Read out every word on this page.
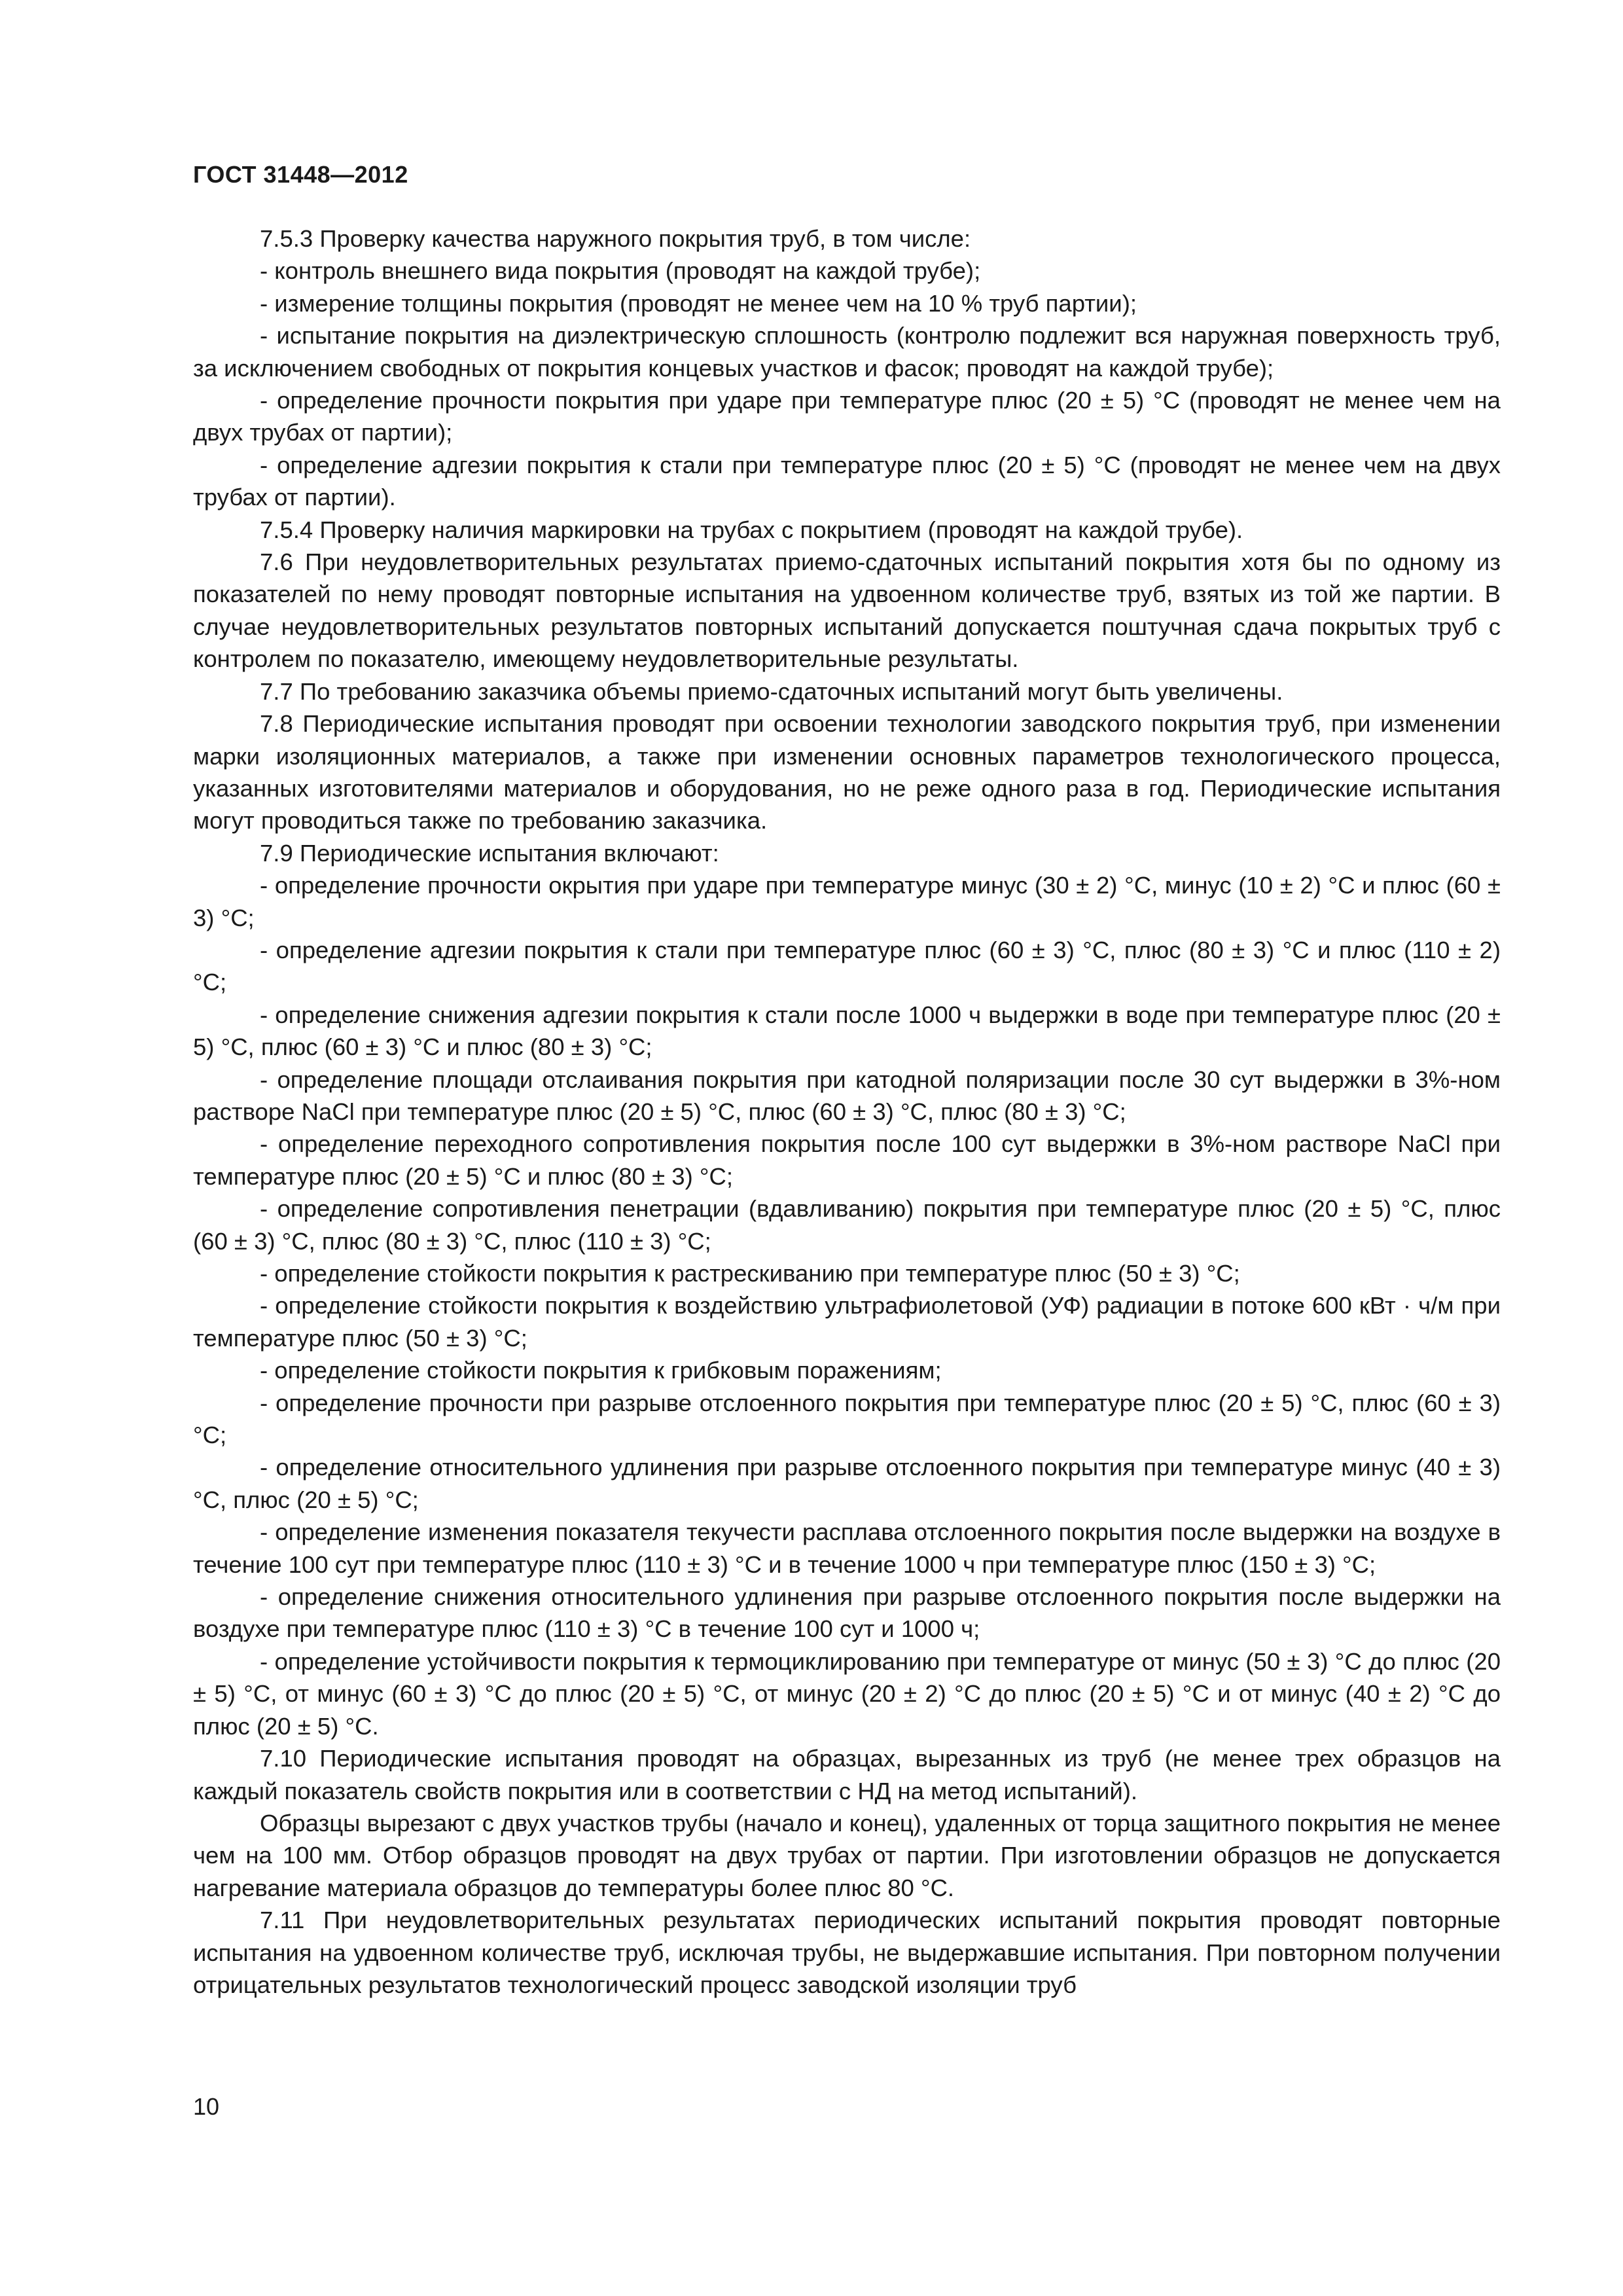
ГОСТ 31448—2012

7.5.3 Проверку качества наружного покрытия труб, в том числе:

- контроль внешнего вида покрытия (проводят на каждой трубе);

- измерение толщины покрытия (проводят не менее чем на 10 % труб партии);

- испытание покрытия на диэлектрическую сплошность (контролю подлежит вся наружная поверхность труб, за исключением свободных от покрытия концевых участков и фасок; проводят на каждой трубе);

- определение прочности покрытия при ударе при температуре плюс (20 ± 5) °С (проводят не менее чем на двух трубах от партии);

- определение адгезии покрытия к стали при температуре плюс (20 ± 5) °С (проводят не менее чем на двух трубах от партии).

7.5.4 Проверку наличия маркировки на трубах с покрытием (проводят на каждой трубе).

7.6 При неудовлетворительных результатах приемо-сдаточных испытаний покрытия хотя бы по одному из показателей по нему проводят повторные испытания на удвоенном количестве труб, взятых из той же партии. В случае неудовлетворительных результатов повторных испытаний допускается поштучная сдача покрытых труб с контролем по показателю, имеющему неудовлетворительные результаты.

7.7 По требованию заказчика объемы приемо-сдаточных испытаний могут быть увеличены.

7.8 Периодические испытания проводят при освоении технологии заводского покрытия труб, при изменении марки изоляционных материалов, а также при изменении основных параметров технологического процесса, указанных изготовителями материалов и оборудования, но не реже одного раза в год. Периодические испытания могут проводиться также по требованию заказчика.

7.9 Периодические испытания включают:

- определение прочности окрытия при ударе при температуре минус (30 ± 2) °С, минус (10 ± 2) °С и плюс (60 ± 3) °С;

- определение адгезии покрытия к стали при температуре плюс (60 ± 3) °С, плюс (80 ± 3) °С и плюс (110 ± 2) °С;

- определение снижения адгезии покрытия к стали после 1000 ч выдержки в воде при температуре плюс (20 ± 5) °С, плюс (60 ± 3) °С и плюс (80 ± 3) °С;

- определение площади отслаивания покрытия при катодной поляризации после 30 сут выдержки в 3%-ном растворе NaCl при температуре плюс (20 ± 5) °С, плюс (60 ± 3) °С, плюс (80 ± 3) °С;

- определение переходного сопротивления покрытия после 100 сут выдержки в 3%-ном растворе NaCl при температуре плюс (20 ± 5) °С и плюс (80 ± 3) °С;

- определение сопротивления пенетрации (вдавливанию) покрытия при температуре плюс (20 ± 5) °С, плюс (60 ± 3) °С, плюс (80 ± 3) °С, плюс (110 ± 3) °С;

- определение стойкости покрытия к растрескиванию при температуре плюс (50 ± 3) °С;

- определение стойкости покрытия к воздействию ультрафиолетовой (УФ) радиации в потоке 600 кВт · ч/м при температуре плюс (50 ± 3) °С;

- определение стойкости покрытия к грибковым поражениям;

- определение прочности при разрыве отслоенного покрытия при температуре плюс (20 ± 5) °С, плюс (60 ± 3) °С;

- определение относительного удлинения при разрыве отслоенного покрытия при температуре минус (40 ± 3) °С, плюс (20 ± 5) °С;

- определение изменения показателя текучести расплава отслоенного покрытия после выдержки на воздухе в течение 100 сут при температуре плюс (110 ± 3) °С и в течение 1000 ч при температуре плюс (150 ± 3) °С;

- определение снижения относительного удлинения при разрыве отслоенного покрытия после выдержки на воздухе при температуре плюс (110 ± 3) °С в течение 100 сут и 1000 ч;

- определение устойчивости покрытия к термоциклированию при температуре от минус (50 ± 3) °С до плюс (20 ± 5) °С, от минус (60 ± 3) °С до плюс (20 ± 5) °С, от минус (20 ± 2) °С до плюс (20 ± 5) °С и от минус (40 ± 2) °С до плюс (20 ± 5) °С.

7.10 Периодические испытания проводят на образцах, вырезанных из труб (не менее трех образцов на каждый показатель свойств покрытия или в соответствии с НД на метод испытаний).

Образцы вырезают с двух участков трубы (начало и конец), удаленных от торца защитного покрытия не менее чем на 100 мм. Отбор образцов проводят на двух трубах от партии. При изготовлении образцов не допускается нагревание материала образцов до температуры более плюс 80 °С.

7.11 При неудовлетворительных результатах периодических испытаний покрытия проводят повторные испытания на удвоенном количестве труб, исключая трубы, не выдержавшие испытания. При повторном получении отрицательных результатов технологический процесс заводской изоляции труб

10
